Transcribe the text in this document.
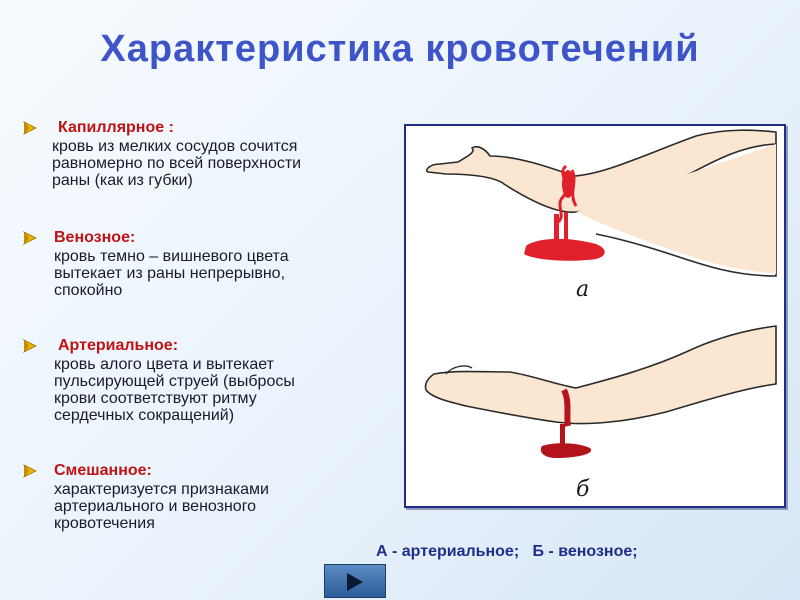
Характеристика кровотечений
Капиллярное :
кровь из мелких сосудов сочится
равномерно по всей поверхности
раны (как из губки)
Венозное:
кровь темно – вишневого цвета
вытекает из раны непрерывно,
спокойно
Артериальное:
кровь алого цвета и вытекает
пульсирующей струей (выбросы
крови соответствуют ритму
сердечных сокращений)
Смешанное:
характеризуется признаками
артериального и венозного
кровотечения
а
б
А - артериальное;   Б - венозное;
